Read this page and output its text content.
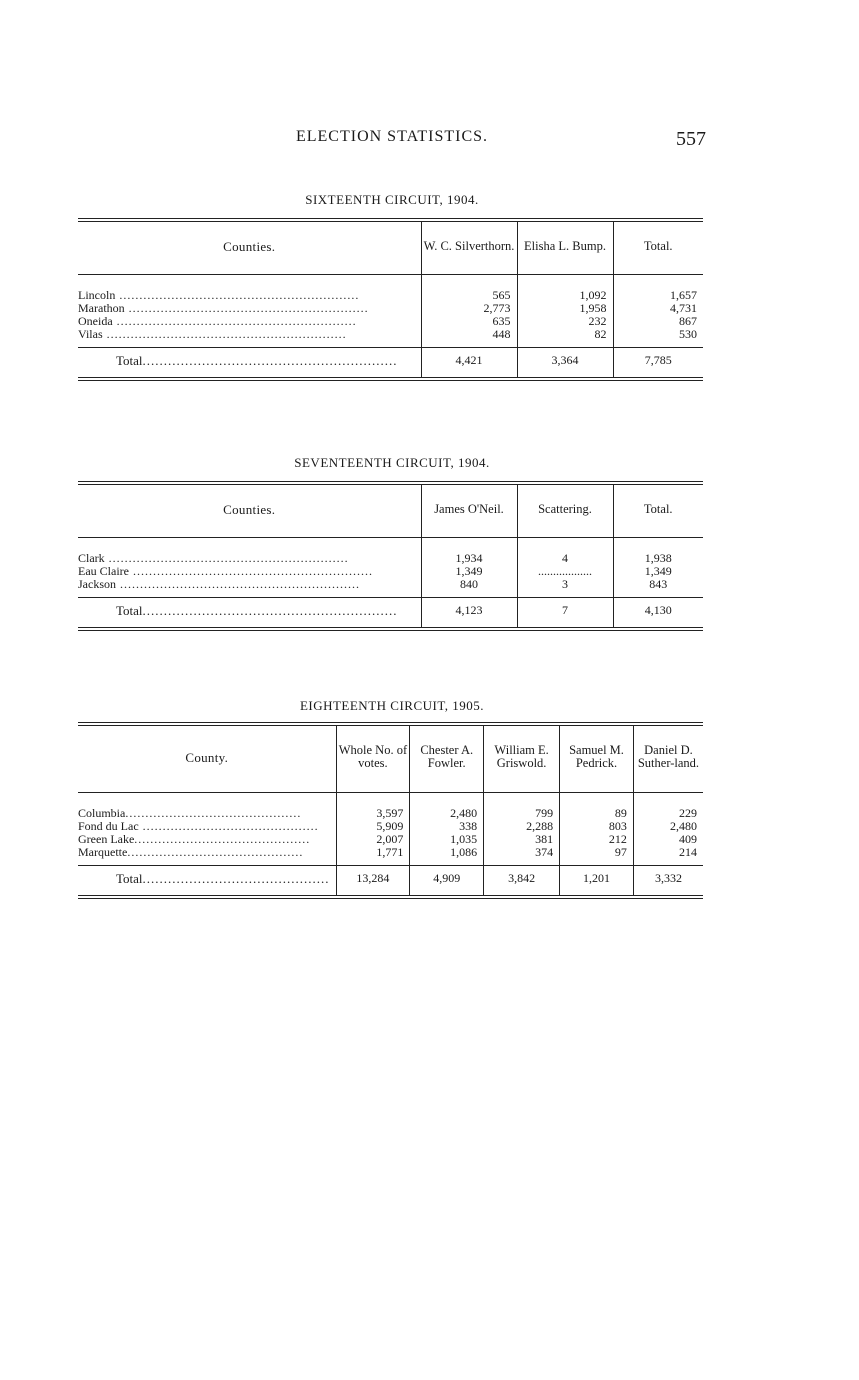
ELECTION STATISTICS.	557
SIXTEENTH CIRCUIT, 1904.
Counties.	W. C. Silverthorn.	Elisha L. Bump.	Total.
Lincoln ............................................................	565	1,092	1,657
Marathon ............................................................	2,773	1,958	4,731
Oneida ............................................................	635	232	867
Vilas ............................................................	448	82	530
Total............................................................	4,421	3,364	7,785
SEVENTEENTH CIRCUIT, 1904.
Counties.	James O'Neil.	Scattering.	Total.
Clark ............................................................	1,934	4	1,938
Eau Claire ............................................................	1,349	..................	1,349
Jackson ............................................................	840	3	843
Total............................................................	4,123	7	4,130
EIGHTEENTH CIRCUIT, 1905.
County.	Whole No. of votes.	Chester A. Fowler.	William E. Griswold.	Samuel M. Pedrick.	Daniel D. Suther-land.
Columbia............................................	3,597	2,480	799	89	229
Fond du Lac ............................................	5,909	338	2,288	803	2,480
Green Lake............................................	2,007	1,035	381	212	409
Marquette............................................	1,771	1,086	374	97	214
Total............................................	13,284	4,909	3,842	1,201	3,332
